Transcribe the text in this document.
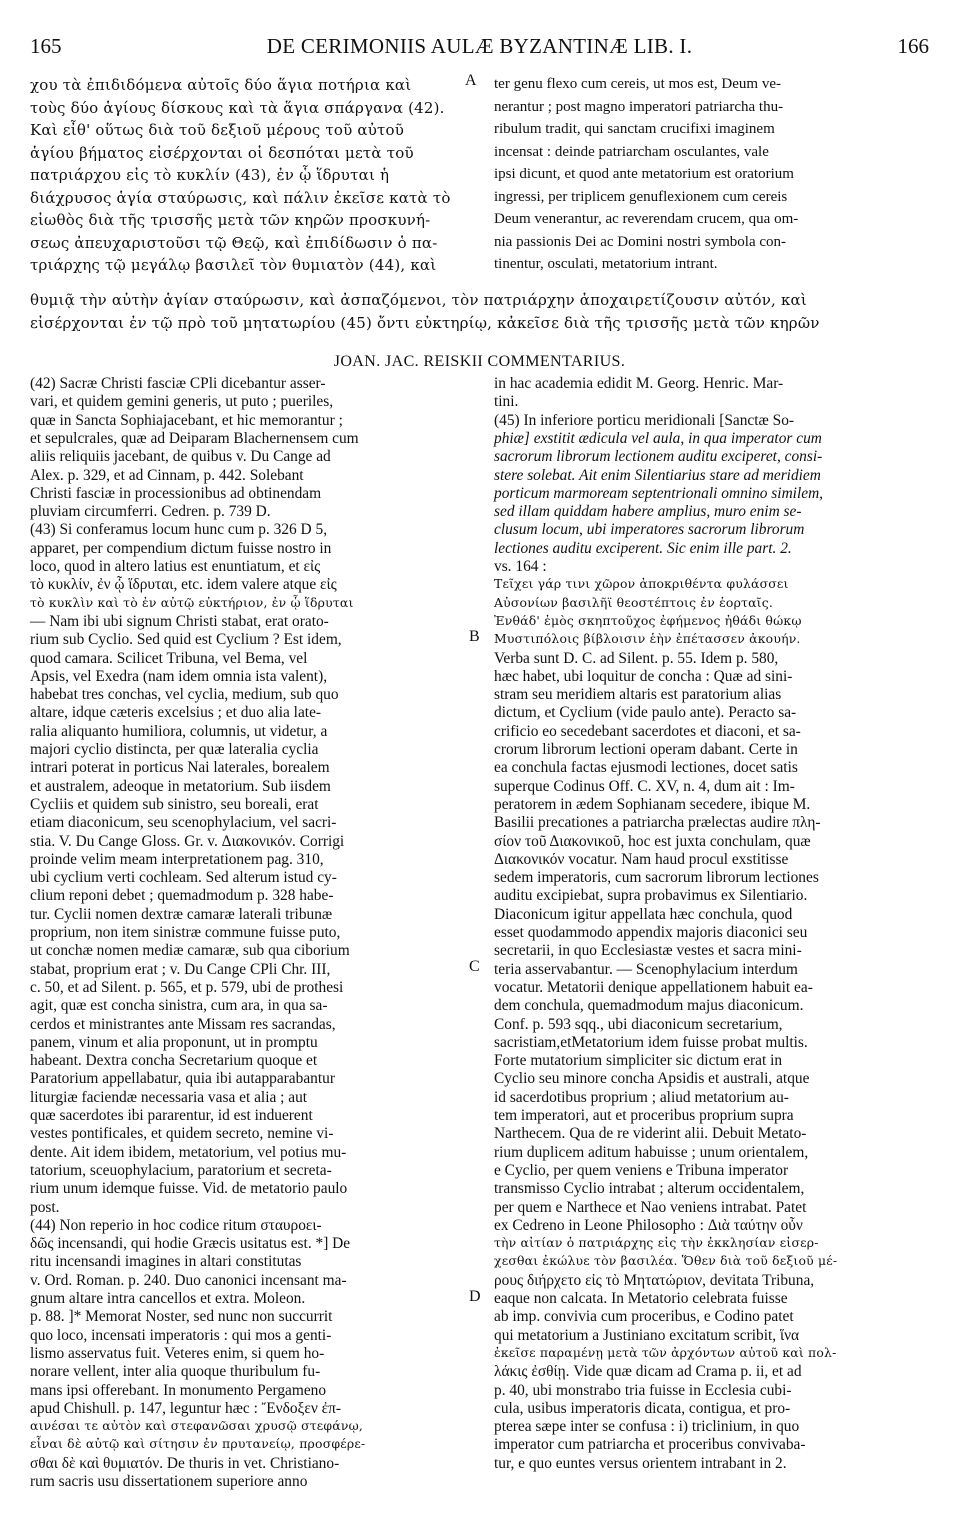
165	DE CERIMONIIS AULÆ BYZANTINÆ LIB. I.	166
χου τὰ ἐπιδιδόμενα αὐτοῖς δύο ἅγια ποτήρια καὶ
τοὺς δύο ἁγίους δίσκους καὶ τὰ ἅγια σπάργανα (42).
Καὶ εἶθ' οὕτως διὰ τοῦ δεξιοῦ μέρους τοῦ αὐτοῦ
ἁγίου βήματος εἰσέρχονται οἱ δεσπόται μετὰ τοῦ
πατριάρχου εἰς τὸ κυκλίν (43), ἐν ᾧ ἵδρυται ἡ
διάχρυσος ἁγία σταύρωσις, καὶ πάλιν ἐκεῖσε κατὰ τὸ
εἰωθὸς διὰ τῆς τρισσῆς μετὰ τῶν κηρῶν προσκυνή-
σεως ἀπευχαριστοῦσι τῷ Θεῷ, καὶ ἐπιδίδωσιν ὁ πα-
τριάρχης τῷ μεγάλῳ βασιλεῖ τὸν θυμιατὸν (44), καὶ
ter genu flexo cum cereis, ut mos est, Deum ve-
nerantur ; post magno imperatori patriarcha thu-
ribulum tradit, qui sanctam crucifixi imaginem
incensat : deinde patriarcham osculantes, vale
ipsi dicunt, et quod ante metatorium est oratorium
ingressi, per triplicem genuflexionem cum cereis
Deum venerantur, ac reverendam crucem, qua om-
nia passionis Dei ac Domini nostri symbola con-
tinentur, osculati, metatorium intrant.
θυμιᾷ τὴν αὐτὴν ἁγίαν σταύρωσιν, καὶ ἀσπαζόμενοι, τὸν πατριάρχην ἀποχαιρετίζουσιν αὐτόν, καὶ
εἰσέρχονται ἐν τῷ πρὸ τοῦ μητατωρίου (45) ὄντι εὐκτηρίῳ, κἀκεῖσε διὰ τῆς τρισσῆς μετὰ τῶν κηρῶν
A
JOAN. JAC. REISKII COMMENTARIUS.
(42) Sacræ Christi fasciæ CPli dicebantur asser-
vari, et quidem gemini generis, ut puto ; pueriles,
quæ in Sancta Sophiajacebant, et hic memorantur ;
et sepulcrales, quæ ad Deiparam Blachernensem cum
aliis reliquiis jacebant, de quibus v. Du Cange ad
Alex. p. 329, et ad Cinnam, p. 442. Solebant
Christi fasciæ in processionibus ad obtinendam
pluviam circumferri. Cedren. p. 739 D.
(43) Si conferamus locum hunc cum p. 326 D 5,
apparet, per compendium dictum fuisse nostro in
loco, quod in altero latius est enuntiatum, et εἰς
τὸ κυκλίν, ἐν ᾧ ἵδρυται, etc. idem valere atque εἰς
τὸ κυκλὶν καὶ τὸ ἐν αὐτῷ εὐκτήριον, ἐν ᾧ ἵδρυται
— Nam ibi ubi signum Christi stabat, erat orato-
rium sub Cyclio. Sed quid est Cyclium ? Est idem,
quod camara. Scilicet Tribuna, vel Bema, vel
Apsis, vel Exedra (nam idem omnia ista valent),
habebat tres conchas, vel cyclia, medium, sub quo
altare, idque cæteris excelsius ; et duo alia late-
ralia aliquanto humiliora, columnis, ut videtur, a
majori cyclio distincta, per quæ lateralia cyclia
intrari poterat in porticus Nai laterales, borealem
et australem, adeoque in metatorium. Sub iisdem
Cycliis et quidem sub sinistro, seu boreali, erat
etiam diaconicum, seu scenophylacium, vel sacri-
stia. V. Du Cange Gloss. Gr. v. Διακονικόν. Corrigi
proinde velim meam interpretationem pag. 310,
ubi cyclium verti cochleam. Sed alterum istud cy-
clium reponi debet ; quemadmodum p. 328 habe-
tur. Cyclii nomen dextræ camaræ laterali tribunæ
proprium, non item sinistræ commune fuisse puto,
ut conchæ nomen mediæ camaræ, sub qua ciborium
stabat, proprium erat ; v. Du Cange CPli Chr. III,
c. 50, et ad Silent. p. 565, et p. 579, ubi de prothesi
agit, quæ est concha sinistra, cum ara, in qua sa-
cerdos et ministrantes ante Missam res sacrandas,
panem, vinum et alia proponunt, ut in promptu
habeant. Dextra concha Secretarium quoque et
Paratorium appellabatur, quia ibi autapparabantur
liturgiæ faciendæ necessaria vasa et alia ; aut
quæ sacerdotes ibi pararentur, id est induerent
vestes pontificales, et quidem secreto, nemine vi-
dente. Ait idem ibidem, metatorium, vel potius mu-
tatorium, sceuophylacium, paratorium et secreta-
rium unum idemque fuisse. Vid. de metatorio paulo
post.
(44) Non reperio in hoc codice ritum σταυροει-
δῶς incensandi, qui hodie Græcis usitatus est. *] De
ritu incensandi imagines in altari constitutas
v. Ord. Roman. p. 240. Duo canonici incensant ma-
gnum altare intra cancellos et extra. Moleon.
p. 88. ]* Memorat Noster, sed nunc non succurrit
quo loco, incensati imperatoris : qui mos a genti-
lismo asservatus fuit. Veteres enim, si quem ho-
norare vellent, inter alia quoque thuribulum fu-
mans ipsi offerebant. In monumento Pergameno
apud Chishull. p. 147, leguntur hæc : Ἔνδοξεν ἐπ-
αινέσαι τε αὐτὸν καὶ στεφανῶσαι χρυσῷ στεφάνῳ,
εἶναι δὲ αὐτῷ καὶ σίτησιν ἐν πρυτανείῳ, προσφέρε-
σθαι δὲ καὶ θυμιατόν. De thuris in vet. Christiano-
rum sacris usu dissertationem superiore anno
in hac academia edidit M. Georg. Henric. Mar-
tini.
(45) In inferiore porticu meridionali [Sanctæ So-
phiæ] exstitit ædicula vel aula, in qua imperator cum
sacrorum librorum lectionem auditu exciperet, consi-
stere solebat. Ait enim Silentiarius stare ad meridiem
porticum marmoream septentrionali omnino similem,
sed illam quiddam habere amplius, muro enim se-
clusum locum, ubi imperatores sacrorum librorum
lectiones auditu exciperent. Sic enim ille part. 2.
vs. 164 :
Τεῖχει γάρ τινι χῶρον ἀποκριθέντα φυλάσσει
Αὐσονίων βασιλῆϊ θεοστέπτοις ἐν ἑορταῖς.
Ἐνθάδ' ἐμὸς σκηπτοῦχος ἐφήμενος ἠθάδι θώκῳ
Μυστιπόλοις βίβλοισιν ἑὴν ἐπέτασσεν ἀκουήν.
Verba sunt D. C. ad Silent. p. 55. Idem p. 580,
hæc habet, ubi loquitur de concha : Quæ ad sini-
stram seu meridiem altaris est paratorium alias
dictum, et Cyclium (vide paulo ante). Peracto sa-
crificio eo secedebant sacerdotes et diaconi, et sa-
crorum librorum lectioni operam dabant. Certe in
ea conchula factas ejusmodi lectiones, docet satis
superque Codinus Off. C. XV, n. 4, dum ait : Im-
peratorem in ædem Sophianam secedere, ibique M.
Basilii precationes a patriarcha prælectas audire πλη-
σίον τοῦ Διακονικοῦ, hoc est juxta conchulam, quæ
Διακονικόν vocatur. Nam haud procul exstitisse
sedem imperatoris, cum sacrorum librorum lectiones
auditu excipiebat, supra probavimus ex Silentiario.
Diaconicum igitur appellata hæc conchula, quod
esset quodammodo appendix majoris diaconici seu
secretarii, in quo Ecclesiastæ vestes et sacra mini-
teria asservabantur. — Scenophylacium interdum
vocatur. Metatorii denique appellationem habuit ea-
dem conchula, quemadmodum majus diaconicum.
Conf. p. 593 sqq., ubi diaconicum secretarium,
sacristiam,etMetatorium idem fuisse probat multis.
Forte mutatorium simpliciter sic dictum erat in
Cyclio seu minore concha Apsidis et australi, atque
id sacerdotibus proprium ; aliud metatorium au-
tem imperatori, aut et proceribus proprium supra
Narthecem. Qua de re viderint alii. Debuit Metato-
rium duplicem aditum habuisse ; unum orientalem,
e Cyclio, per quem veniens e Tribuna imperator
transmisso Cyclio intrabat ; alterum occidentalem,
per quem e Narthece et Nao veniens intrabat. Patet
ex Cedreno in Leone Philosopho : Διὰ ταύτην οὖν
τὴν αἰτίαν ὁ πατριάρχης εἰς τὴν ἐκκλησίαν εἰσερ-
χεσθαι ἐκώλυε τὸν βασιλέα. Ὅθεν διὰ τοῦ δεξιοῦ μέ-
ρους διήρχετο εἰς τὸ Μητατώριον, devitata Tribuna,
eaque non calcata. In Metatorio celebrata fuisse
ab imp. convivia cum proceribus, e Codino patet
qui metatorium a Justiniano excitatum scribit, ἵνα
ἐκεῖσε παραμένῃ μετὰ τῶν ἀρχόντων αὐτοῦ καὶ πολ-
λάκις ἐσθίῃ. Vide quæ dicam ad Crama p. ii, et ad
p. 40, ubi monstrabo tria fuisse in Ecclesia cubi-
cula, usibus imperatoris dicata, contigua, et pro-
pterea sæpe inter se confusa : i) triclinium, in quo
imperator cum patriarcha et proceribus convivaba-
tur, e quo euntes versus orientem intrabant in 2.
B
C
D
